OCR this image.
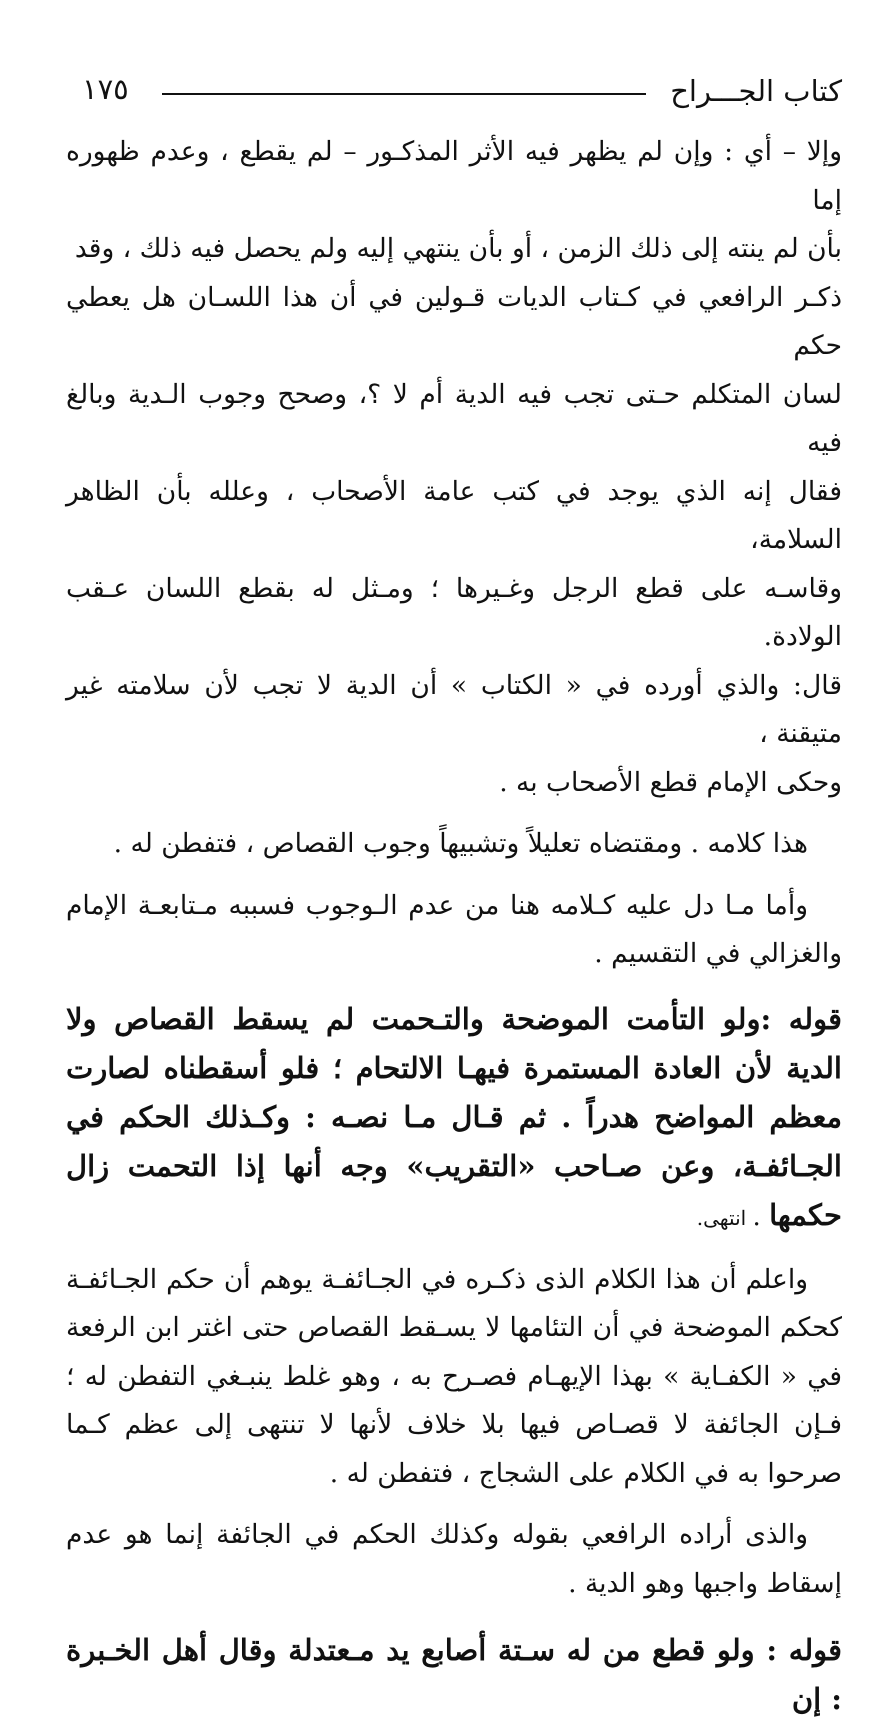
كتاب الجـــراح
١٧٥
وإلا – أي : وإن لم يظهر فيه الأثر المذكـور – لم يقطع ، وعدم ظهوره إما
بأن لم ينته إلى ذلك الزمن ، أو بأن ينتهي إليه ولم يحصل فيه ذلك ، وقد
ذكـر الرافعي في كـتاب الديات قـولين في أن هذا اللسـان هل يعطي حكم
لسان المتكلم حـتى تجب فيه الدية أم لا ؟، وصحح وجوب الـدية وبالغ فيه
فقال إنه الذي يوجد في كتب عامة الأصحاب ، وعلله بأن الظاهر السلامة،
وقاسـه على قطع الرجل وغـيرها ؛ ومـثل له بقطع اللسان عـقب الولادة.
قال: والذي أورده في « الكتاب » أن الدية لا تجب لأن سلامته غير متيقنة ،
وحكى الإمام قطع الأصحاب به .

هذا كلامه . ومقتضاه تعليلاً وتشبيهاً وجوب القصاص ، فتفطن له .

وأما مـا دل عليه كـلامه هنا من عدم الـوجوب فسببه مـتابعـة الإمام والغزالي في التقسيم .

قوله :ولو التأمت الموضحة والتـحمت لم يسقط القصاص ولا الدية لأن العادة المستمرة فيهـا الالتحام ؛ فلو أسقطناه لصارت معظم المواضح هدراً . ثم قـال مـا نصـه : وكـذلك الحكم في الجـائفـة، وعن صـاحب «التقريب» وجه أنها إذا التحمت زال حكمها . انتهى.

واعلم أن هذا الكلام الذى ذكـره في الجـائفـة يوهم أن حكم الجـائفـة كحكم الموضحة في أن التئامها لا يسـقط القصاص حتى اغتر ابن الرفعة في « الكفـاية » بهذا الإيهـام فصـرح به ، وهو غلط ينبـغي التفطن له ؛ فـإن الجائفة لا قصـاص فيها بلا خلاف لأنها لا تنتهى إلى عظم كـما صرحوا به في الكلام على الشجاج ، فتفطن له .

والذى أراده الرافعي بقوله وكذلك الحكم في الجائفة إنما هو عدم إسقاط واجبها وهو الدية .

قوله : ولو قطع من له سـتة أصابع يد مـعتدلة وقال أهل الخـبرة : إن
